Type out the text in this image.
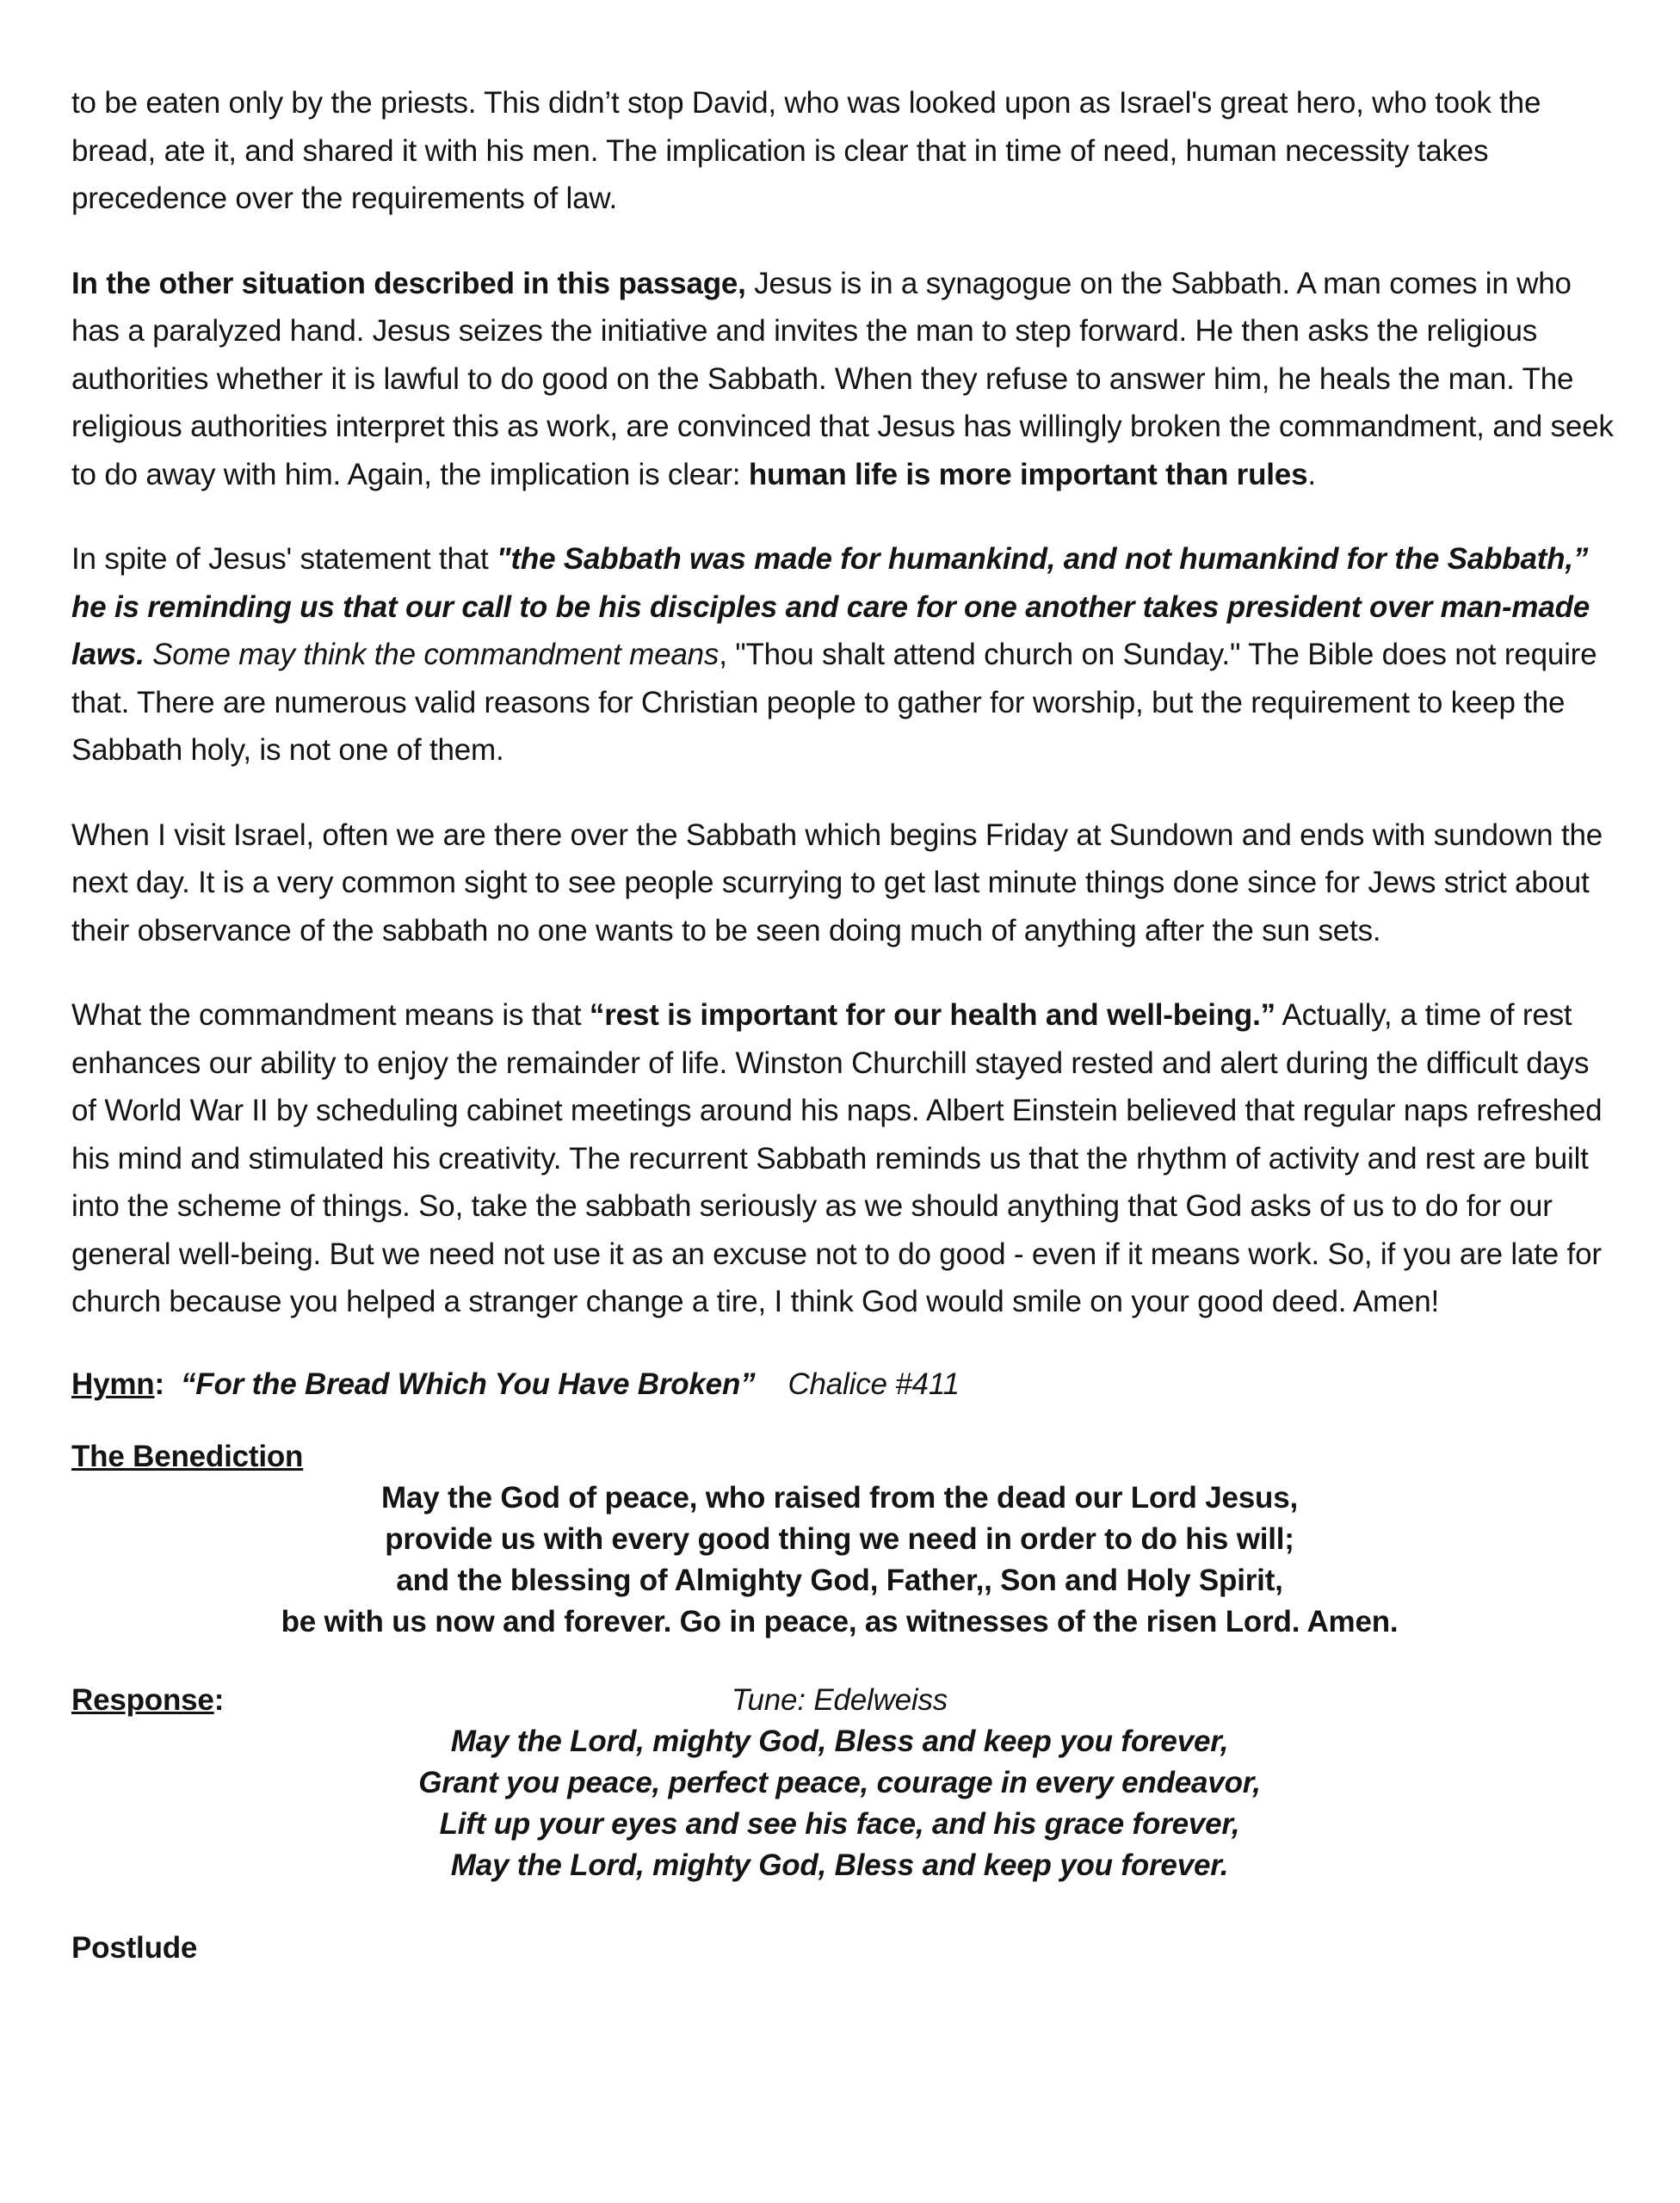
to be eaten only by the priests. This didn’t stop David, who was looked upon as Israel's great hero, who took the bread, ate it, and shared it with his men. The implication is clear that in time of need, human necessity takes precedence over the requirements of law.

In the other situation described in this passage, Jesus is in a synagogue on the Sabbath. A man comes in who has a paralyzed hand. Jesus seizes the initiative and invites the man to step forward. He then asks the religious authorities whether it is lawful to do good on the Sabbath. When they refuse to answer him, he heals the man. The religious authorities interpret this as work, are convinced that Jesus has willingly broken the commandment, and seek to do away with him. Again, the implication is clear: human life is more important than rules.

In spite of Jesus' statement that "the Sabbath was made for humankind, and not humankind for the Sabbath,” he is reminding us that our call to be his disciples and care for one another takes president over man-made laws. Some may think the commandment means, "Thou shalt attend church on Sunday." The Bible does not require that. There are numerous valid reasons for Christian people to gather for worship, but the requirement to keep the Sabbath holy, is not one of them.

When I visit Israel, often we are there over the Sabbath which begins Friday at Sundown and ends with sundown the next day. It is a very common sight to see people scurrying to get last minute things done since for Jews strict about their observance of the sabbath no one wants to be seen doing much of anything after the sun sets.

What the commandment means is that “rest is important for our health and well-being.” Actually, a time of rest enhances our ability to enjoy the remainder of life. Winston Churchill stayed rested and alert during the difficult days of World War II by scheduling cabinet meetings around his naps. Albert Einstein believed that regular naps refreshed his mind and stimulated his creativity. The recurrent Sabbath reminds us that the rhythm of activity and rest are built into the scheme of things. So, take the sabbath seriously as we should anything that God asks of us to do for our general well-being. But we need not use it as an excuse not to do good - even if it means work. So, if you are late for church because you helped a stranger change a tire, I think God would smile on your good deed. Amen!

Hymn: “For the Bread Which You Have Broken” Chalice #411

The Benediction

May the God of peace, who raised from the dead our Lord Jesus,
provide us with every good thing we need in order to do his will;
and the blessing of Almighty God, Father,, Son and Holy Spirit,
be with us now and forever. Go in peace, as witnesses of the risen Lord. Amen.
Response:	Tune: Edelweiss
May the Lord, mighty God, Bless and keep you forever,
Grant you peace, perfect peace, courage in every endeavor,
Lift up your eyes and see his face, and his grace forever,
May the Lord, mighty God, Bless and keep you forever.

Postlude
